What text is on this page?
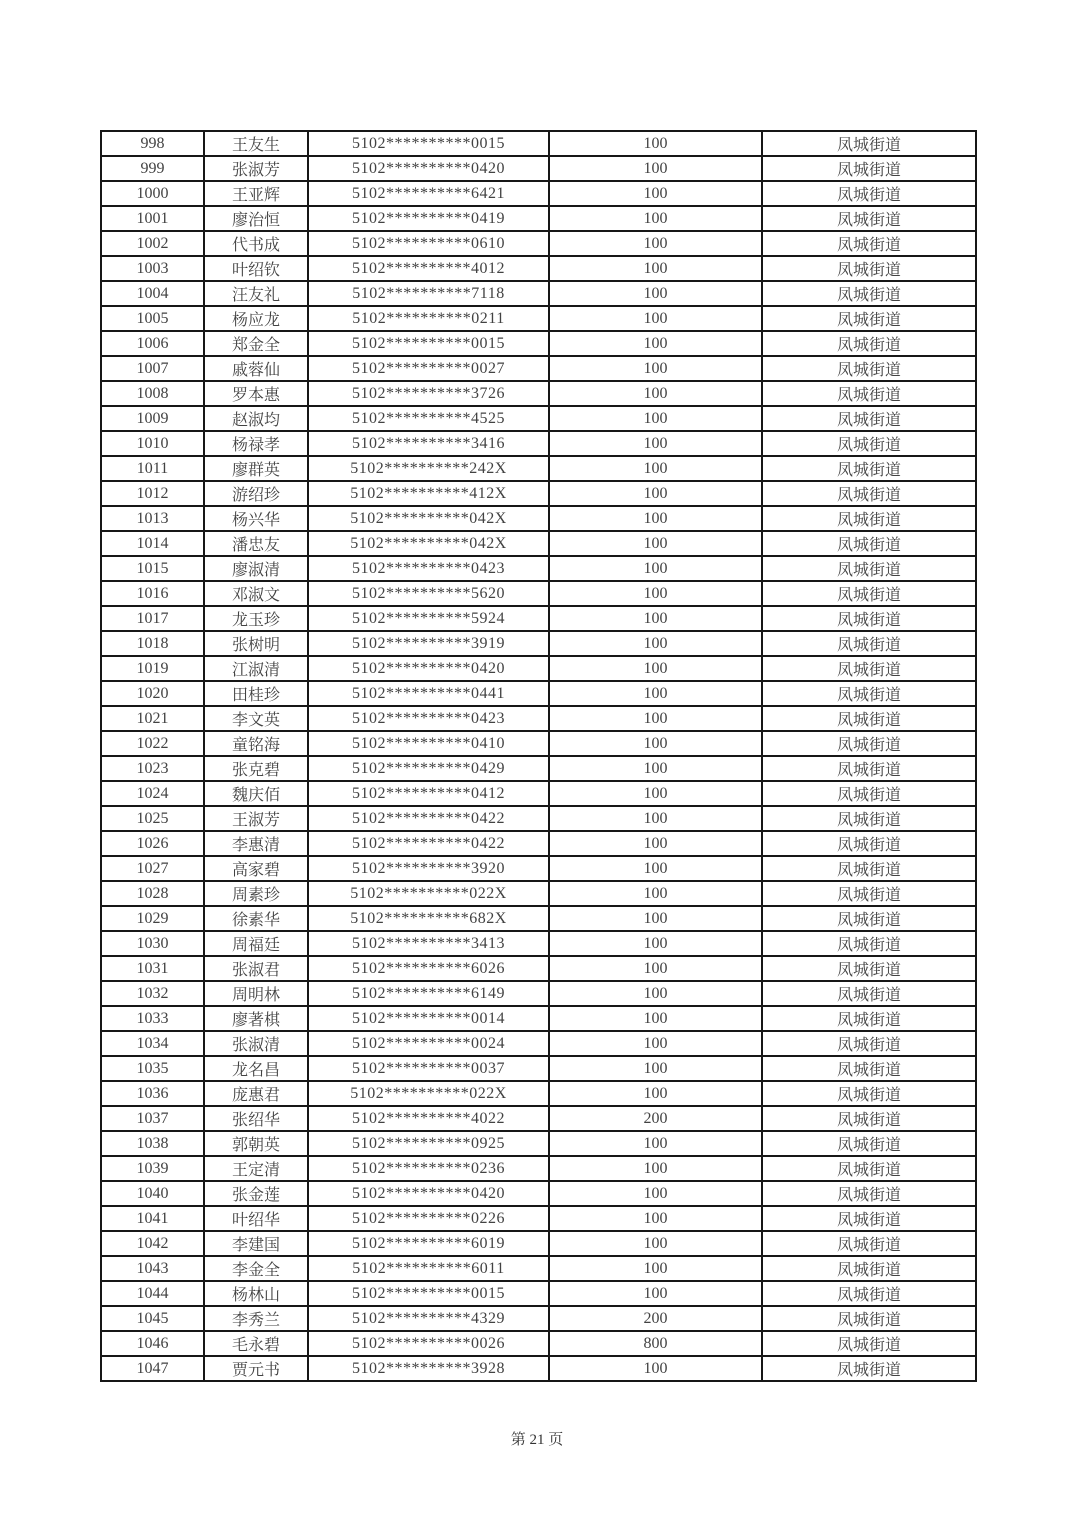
998	王友生	5102**********0015	100	凤城街道
999	张淑芳	5102**********0420	100	凤城街道
1000	王亚辉	5102**********6421	100	凤城街道
1001	廖治恒	5102**********0419	100	凤城街道
1002	代书成	5102**********0610	100	凤城街道
1003	叶绍钦	5102**********4012	100	凤城街道
1004	汪友礼	5102**********7118	100	凤城街道
1005	杨应龙	5102**********0211	100	凤城街道
1006	郑金全	5102**********0015	100	凤城街道
1007	戚蓉仙	5102**********0027	100	凤城街道
1008	罗本惠	5102**********3726	100	凤城街道
1009	赵淑均	5102**********4525	100	凤城街道
1010	杨禄孝	5102**********3416	100	凤城街道
1011	廖群英	5102**********242X	100	凤城街道
1012	游绍珍	5102**********412X	100	凤城街道
1013	杨兴华	5102**********042X	100	凤城街道
1014	潘忠友	5102**********042X	100	凤城街道
1015	廖淑清	5102**********0423	100	凤城街道
1016	邓淑文	5102**********5620	100	凤城街道
1017	龙玉珍	5102**********5924	100	凤城街道
1018	张树明	5102**********3919	100	凤城街道
1019	江淑清	5102**********0420	100	凤城街道
1020	田桂珍	5102**********0441	100	凤城街道
1021	李文英	5102**********0423	100	凤城街道
1022	童铭海	5102**********0410	100	凤城街道
1023	张克碧	5102**********0429	100	凤城街道
1024	魏庆佰	5102**********0412	100	凤城街道
1025	王淑芳	5102**********0422	100	凤城街道
1026	李惠清	5102**********0422	100	凤城街道
1027	高家碧	5102**********3920	100	凤城街道
1028	周素珍	5102**********022X	100	凤城街道
1029	徐素华	5102**********682X	100	凤城街道
1030	周福廷	5102**********3413	100	凤城街道
1031	张淑君	5102**********6026	100	凤城街道
1032	周明林	5102**********6149	100	凤城街道
1033	廖著棋	5102**********0014	100	凤城街道
1034	张淑清	5102**********0024	100	凤城街道
1035	龙名昌	5102**********0037	100	凤城街道
1036	庞惠君	5102**********022X	100	凤城街道
1037	张绍华	5102**********4022	200	凤城街道
1038	郭朝英	5102**********0925	100	凤城街道
1039	王定清	5102**********0236	100	凤城街道
1040	张金莲	5102**********0420	100	凤城街道
1041	叶绍华	5102**********0226	100	凤城街道
1042	李建国	5102**********6019	100	凤城街道
1043	李金全	5102**********6011	100	凤城街道
1044	杨林山	5102**********0015	100	凤城街道
1045	李秀兰	5102**********4329	200	凤城街道
1046	毛永碧	5102**********0026	800	凤城街道
1047	贾元书	5102**********3928	100	凤城街道
第 21 页
